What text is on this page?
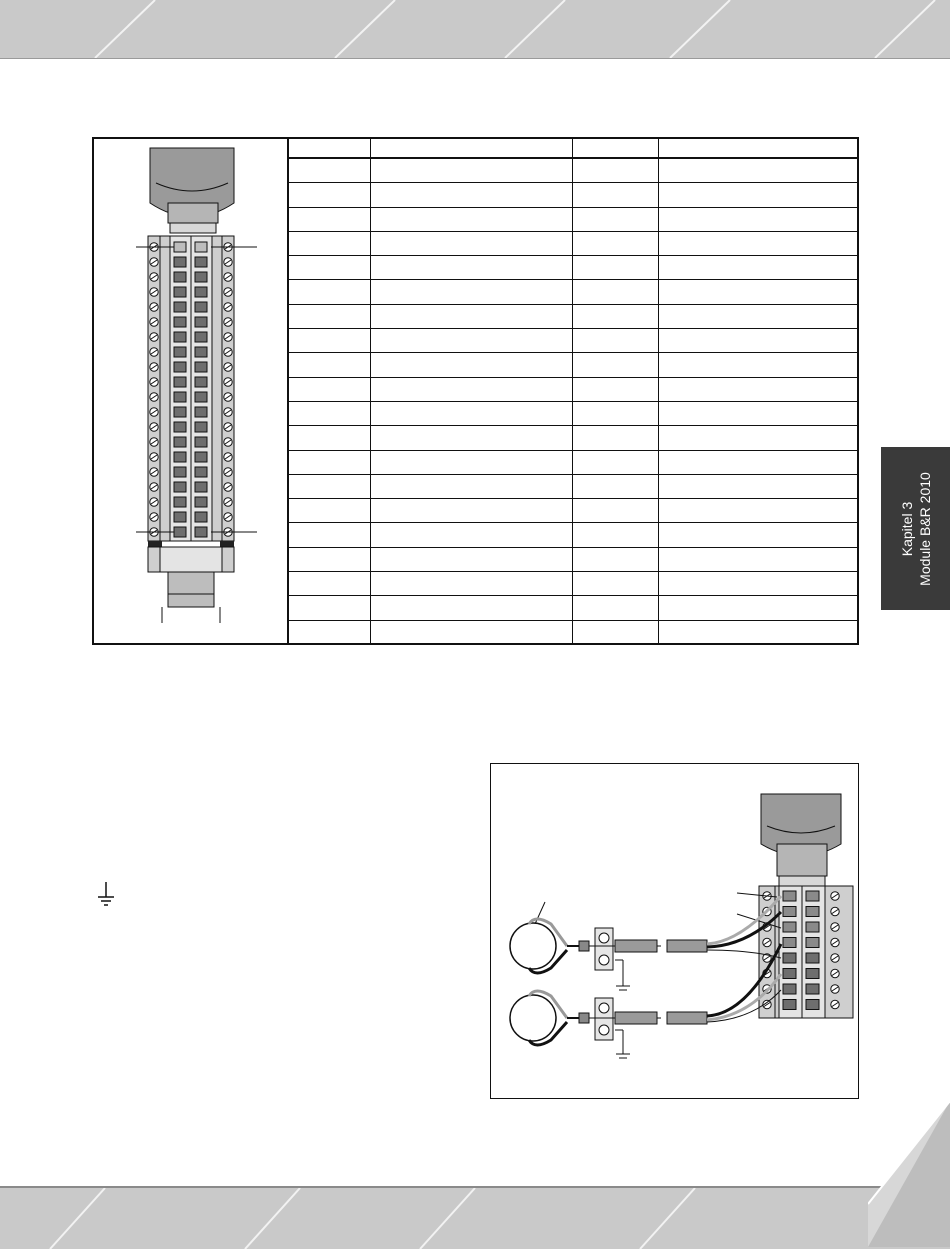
Kapitel 3 Module B&R 2010
